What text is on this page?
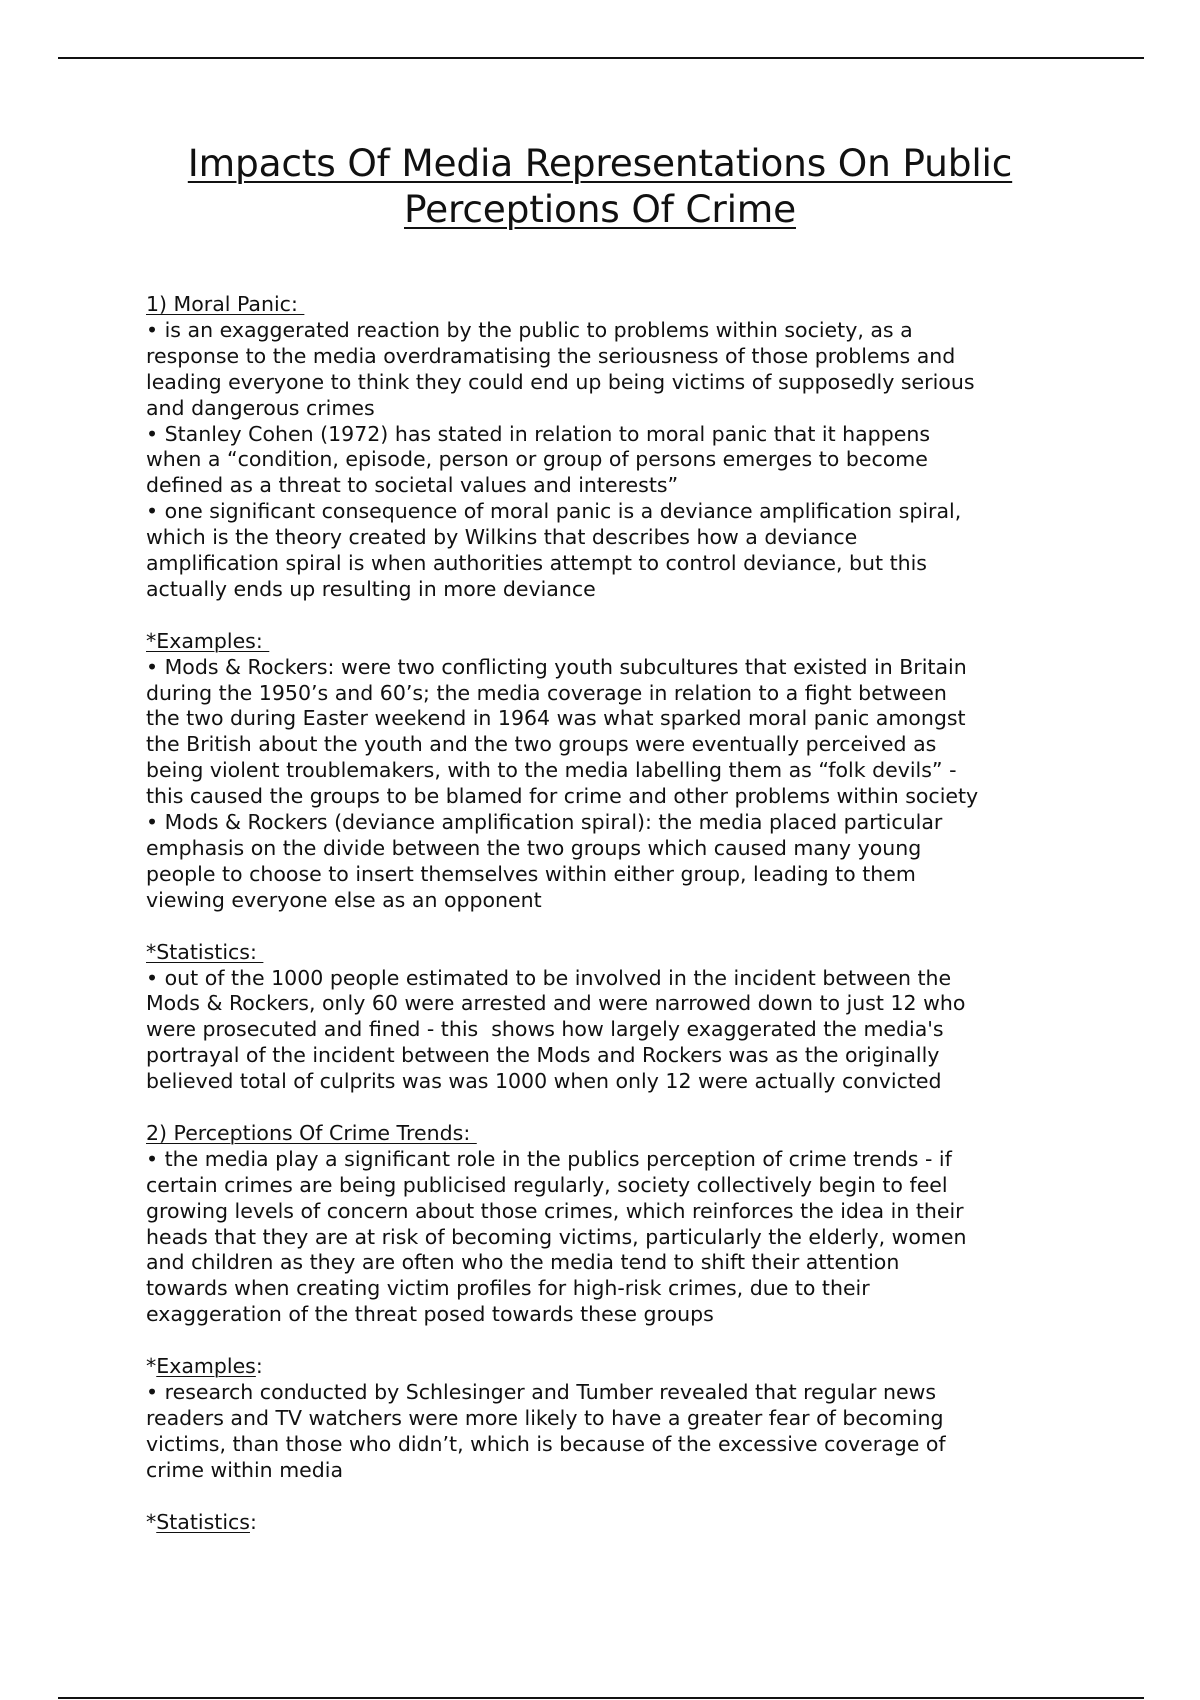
Impacts Of Media Representations On Public
Perceptions Of Crime
1) Moral Panic:
• is an exaggerated reaction by the public to problems within society, as a
response to the media overdramatising the seriousness of those problems and
leading everyone to think they could end up being victims of supposedly serious
and dangerous crimes
• Stanley Cohen (1972) has stated in relation to moral panic that it happens
when a “condition, episode, person or group of persons emerges to become
defined as a threat to societal values and interests”
• one significant consequence of moral panic is a deviance amplification spiral,
which is the theory created by Wilkins that describes how a deviance
amplification spiral is when authorities attempt to control deviance, but this
actually ends up resulting in more deviance
*Examples:
• Mods & Rockers: were two conflicting youth subcultures that existed in Britain
during the 1950’s and 60’s; the media coverage in relation to a fight between
the two during Easter weekend in 1964 was what sparked moral panic amongst
the British about the youth and the two groups were eventually perceived as
being violent troublemakers, with to the media labelling them as “folk devils” -
this caused the groups to be blamed for crime and other problems within society
• Mods & Rockers (deviance amplification spiral): the media placed particular
emphasis on the divide between the two groups which caused many young
people to choose to insert themselves within either group, leading to them
viewing everyone else as an opponent
*Statistics:
• out of the 1000 people estimated to be involved in the incident between the
Mods & Rockers, only 60 were arrested and were narrowed down to just 12 who
were prosecuted and fined - this  shows how largely exaggerated the media's
portrayal of the incident between the Mods and Rockers was as the originally
believed total of culprits was was 1000 when only 12 were actually convicted
2) Perceptions Of Crime Trends:
• the media play a significant role in the publics perception of crime trends - if
certain crimes are being publicised regularly, society collectively begin to feel
growing levels of concern about those crimes, which reinforces the idea in their
heads that they are at risk of becoming victims, particularly the elderly, women
and children as they are often who the media tend to shift their attention
towards when creating victim profiles for high-risk crimes, due to their
exaggeration of the threat posed towards these groups
*Examples:
• research conducted by Schlesinger and Tumber revealed that regular news
readers and TV watchers were more likely to have a greater fear of becoming
victims, than those who didn’t, which is because of the excessive coverage of
crime within media
*Statistics:
